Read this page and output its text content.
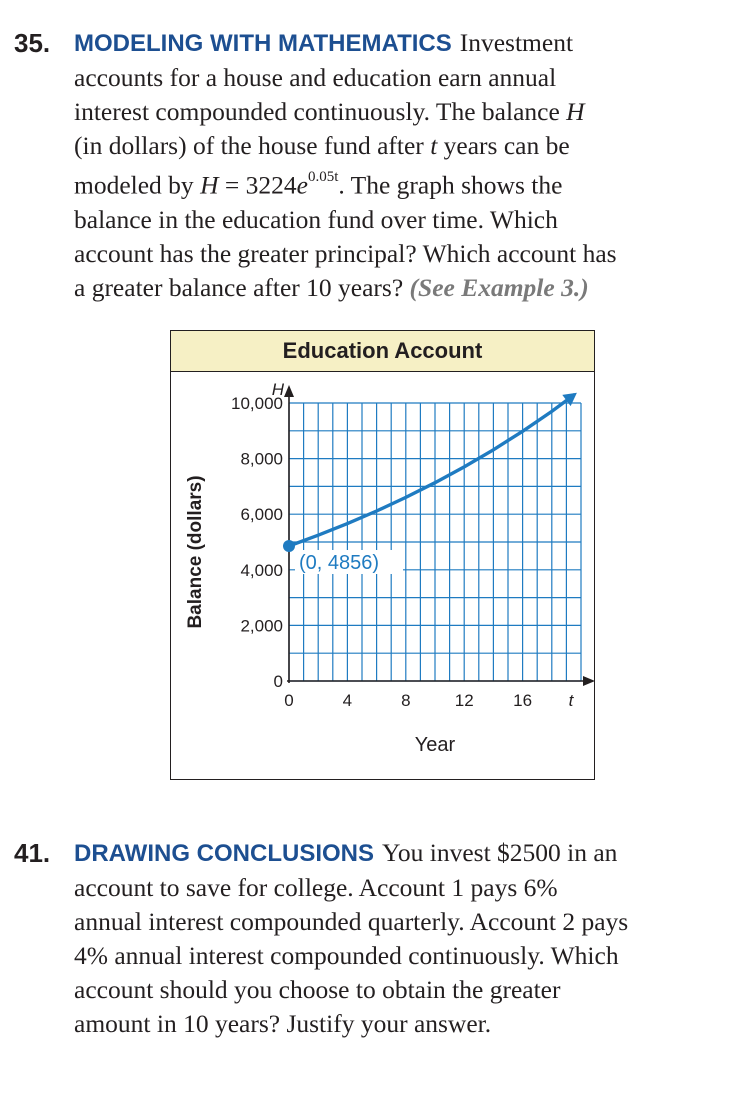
35. MODELING WITH MATHEMATICS Investment
accounts for a house and education earn annual
interest compounded continuously. The balance H
(in dollars) of the house fund after t years can be
modeled by $H = 3224e^{0.05t}$. The graph shows the
balance in the education fund over time. Which
account has the greater principal? Which account has
a greater balance after 10 years? (See Example 3.)
Education Account
0
2,000
4,000
6,000
8,000
10,000
0	4	8	12 16
H
t
Year
Balance (dollars)	(0, 4856)
41. DRAWING CONCLUSIONS You invest $2500 in an
account to save for college. Account 1 pays 6%
annual interest compounded quarterly. Account 2 pays
4% annual interest compounded continuously. Which
account should you choose to obtain the greater
amount in 10 years? Justify your answer.
